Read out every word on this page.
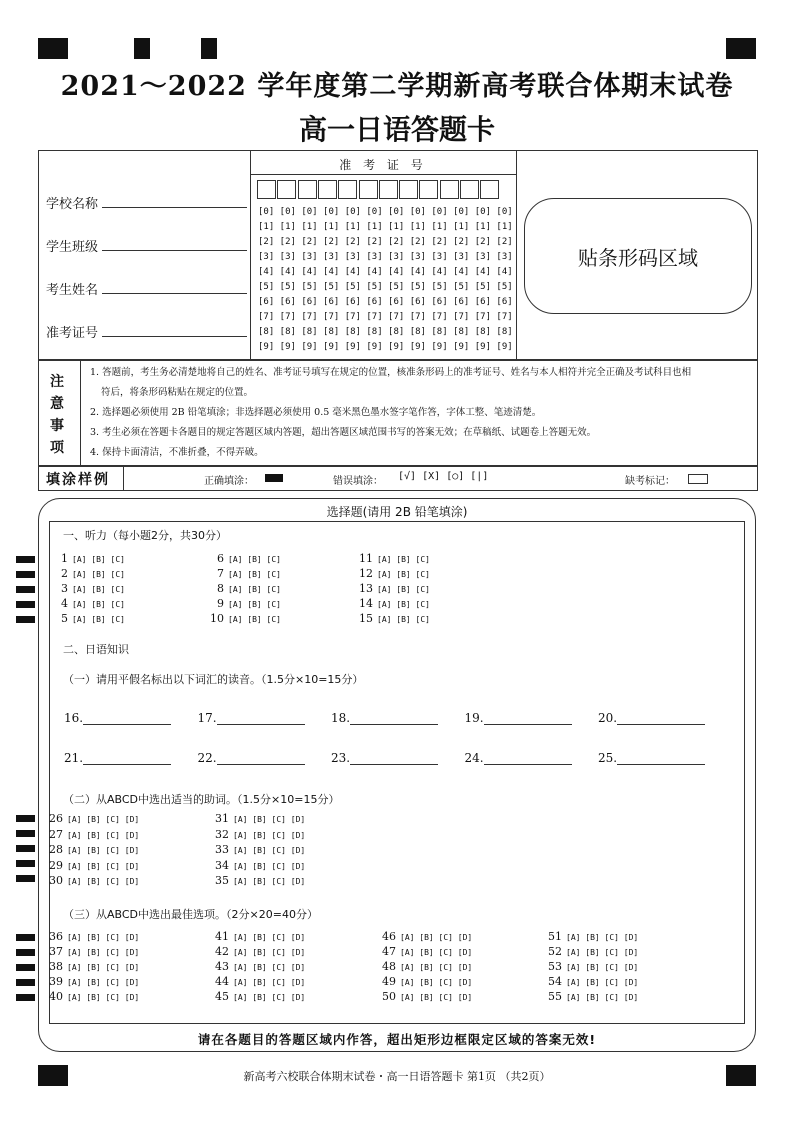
2021～2022 学年度第二学期新高考联合体期末试卷
高一日语答题卡
准 考 证 号
[0] [0] [0] [0] [0] [0] [0] [0] [0] [0] [0] [0]
[1] [1] [1] [1] [1] [1] [1] [1] [1] [1] [1] [1]
[2] [2] [2] [2] [2] [2] [2] [2] [2] [2] [2] [2]
[3] [3] [3] [3] [3] [3] [3] [3] [3] [3] [3] [3]
[4] [4] [4] [4] [4] [4] [4] [4] [4] [4] [4] [4]
[5] [5] [5] [5] [5] [5] [5] [5] [5] [5] [5] [5]
[6] [6] [6] [6] [6] [6] [6] [6] [6] [6] [6] [6]
[7] [7] [7] [7] [7] [7] [7] [7] [7] [7] [7] [7]
[8] [8] [8] [8] [8] [8] [8] [8] [8] [8] [8] [8]
[9] [9] [9] [9] [9] [9] [9] [9] [9] [9] [9] [9]
学校名称
学生班级
考生姓名
准考证号
贴条形码区域
注
意
事
项
1. 答题前，考生务必清楚地将自己的姓名、准考证号填写在规定的位置，核准条形码上的准考证号、姓名与本人相符并完全正确及考试科目也相
符后，将条形码粘贴在规定的位置。
2. 选择题必须使用 2B 铅笔填涂；非选择题必须使用 0.5 毫米黑色墨水签字笔作答，字体工整、笔迹清楚。
3. 考生必须在答题卡各题目的规定答题区域内答题，超出答题区域范围书写的答案无效；在草稿纸、试题卷上答题无效。
4. 保持卡面清洁，不准折叠，不得弄破。
填涂样例	正确填涂：	错误填涂： [√] [X] [○] [|]	缺考标记：
选择题(请用 2B 铅笔填涂)
一、听力（每小题2分，共30分）
二、日语知识
（一）请用平假名标出以下词汇的读音。（1.5分×10=15分）
（二）从ABCD中选出适当的助词。（1.5分×10=15分）
（三）从ABCD中选出最佳选项。（2分×20=40分）
1 [A] [B] [C]
2 [A] [B] [C]
3 [A] [B] [C]
4 [A] [B] [C]
5 [A] [B] [C]
6 [A] [B] [C]
7 [A] [B] [C]
8 [A] [B] [C]
9 [A] [B] [C]
10 [A] [B] [C]
11 [A] [B] [C]
12 [A] [B] [C]
13 [A] [B] [C]
14 [A] [B] [C]
15 [A] [B] [C]
16.	17.	18.	19.	20.
21.	22.	23.	24.	25.
26 [A] [B] [C] [D]
27 [A] [B] [C] [D]
28 [A] [B] [C] [D]
29 [A] [B] [C] [D]
30 [A] [B] [C] [D]
31 [A] [B] [C] [D]
32 [A] [B] [C] [D]
33 [A] [B] [C] [D]
34 [A] [B] [C] [D]
35 [A] [B] [C] [D]
36 [A] [B] [C] [D]
37 [A] [B] [C] [D]
38 [A] [B] [C] [D]
39 [A] [B] [C] [D]
40 [A] [B] [C] [D]
41 [A] [B] [C] [D]
42 [A] [B] [C] [D]
43 [A] [B] [C] [D]
44 [A] [B] [C] [D]
45 [A] [B] [C] [D]
46 [A] [B] [C] [D]
47 [A] [B] [C] [D]
48 [A] [B] [C] [D]
49 [A] [B] [C] [D]
50 [A] [B] [C] [D]
51 [A] [B] [C] [D]
52 [A] [B] [C] [D]
53 [A] [B] [C] [D]
54 [A] [B] [C] [D]
55 [A] [B] [C] [D]
请在各题目的答题区域内作答，超出矩形边框限定区域的答案无效!
新高考六校联合体期末试卷・高一日语答题卡 第1页 （共2页）
